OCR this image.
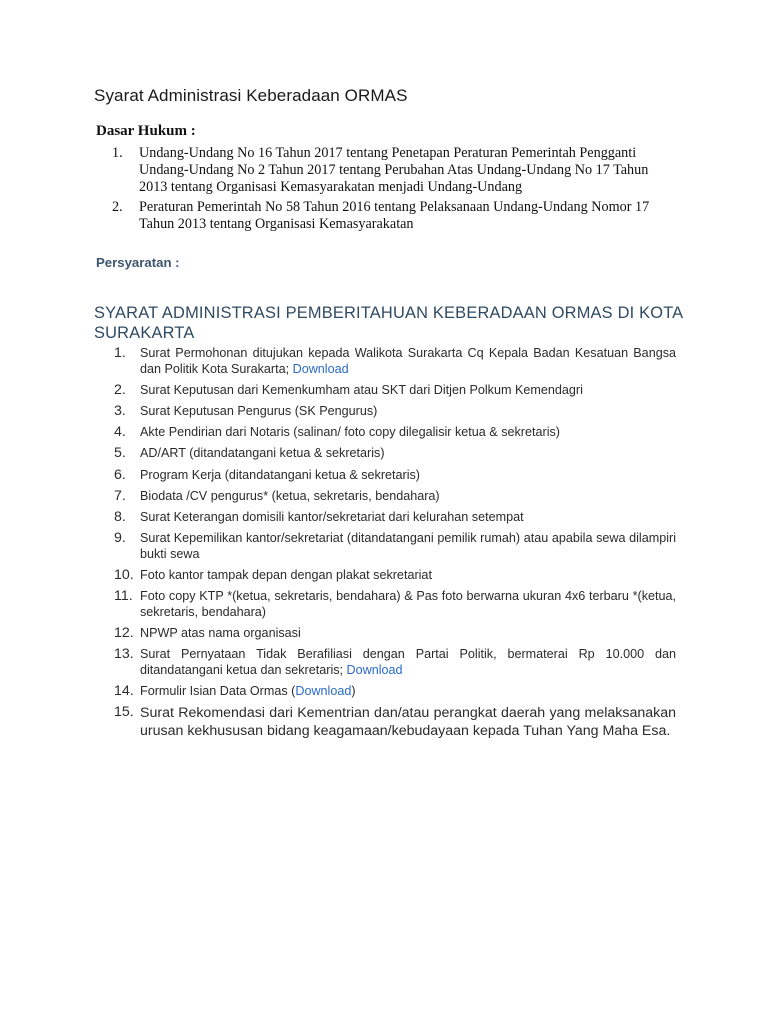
Syarat Administrasi Keberadaan ORMAS
Dasar Hukum :
1.	Undang-Undang No 16 Tahun 2017 tentang Penetapan Peraturan Pemerintah Pengganti Undang-Undang No 2 Tahun 2017 tentang Perubahan Atas Undang-Undang No 17 Tahun 2013 tentang Organisasi Kemasyarakatan menjadi Undang-Undang
2.	Peraturan Pemerintah No 58 Tahun 2016 tentang Pelaksanaan Undang-Undang Nomor 17 Tahun 2013 tentang Organisasi Kemasyarakatan
Persyaratan :
SYARAT ADMINISTRASI PEMBERITAHUAN KEBERADAAN ORMAS DI KOTA SURAKARTA
1.	Surat Permohonan ditujukan kepada Walikota Surakarta Cq Kepala Badan Kesatuan Bangsa dan Politik Kota Surakarta; Download
2.	Surat Keputusan dari Kemenkumham atau SKT dari Ditjen Polkum Kemendagri
3.	Surat Keputusan Pengurus (SK Pengurus)
4.	Akte Pendirian dari Notaris (salinan/ foto copy dilegalisir ketua & sekretaris)
5.	AD/ART (ditandatangani ketua & sekretaris)
6.	Program Kerja (ditandatangani ketua & sekretaris)
7.	Biodata /CV pengurus* (ketua, sekretaris, bendahara)
8.	Surat Keterangan domisili kantor/sekretariat dari kelurahan setempat
9.	Surat Kepemilikan kantor/sekretariat (ditandatangani pemilik rumah) atau apabila sewa dilampiri bukti sewa
10. Foto kantor tampak depan dengan plakat sekretariat
11. Foto copy KTP *(ketua, sekretaris, bendahara) & Pas foto berwarna ukuran 4x6 terbaru *(ketua, sekretaris, bendahara)
12. NPWP atas nama organisasi
13. Surat Pernyataan Tidak Berafiliasi dengan Partai Politik, bermaterai Rp 10.000 dan ditandatangani ketua dan sekretaris; Download
14. Formulir Isian Data Ormas (Download)
15. Surat Rekomendasi dari Kementrian dan/atau perangkat daerah yang melaksanakan urusan kekhususan bidang keagamaan/kebudayaan kepada Tuhan Yang Maha Esa.
